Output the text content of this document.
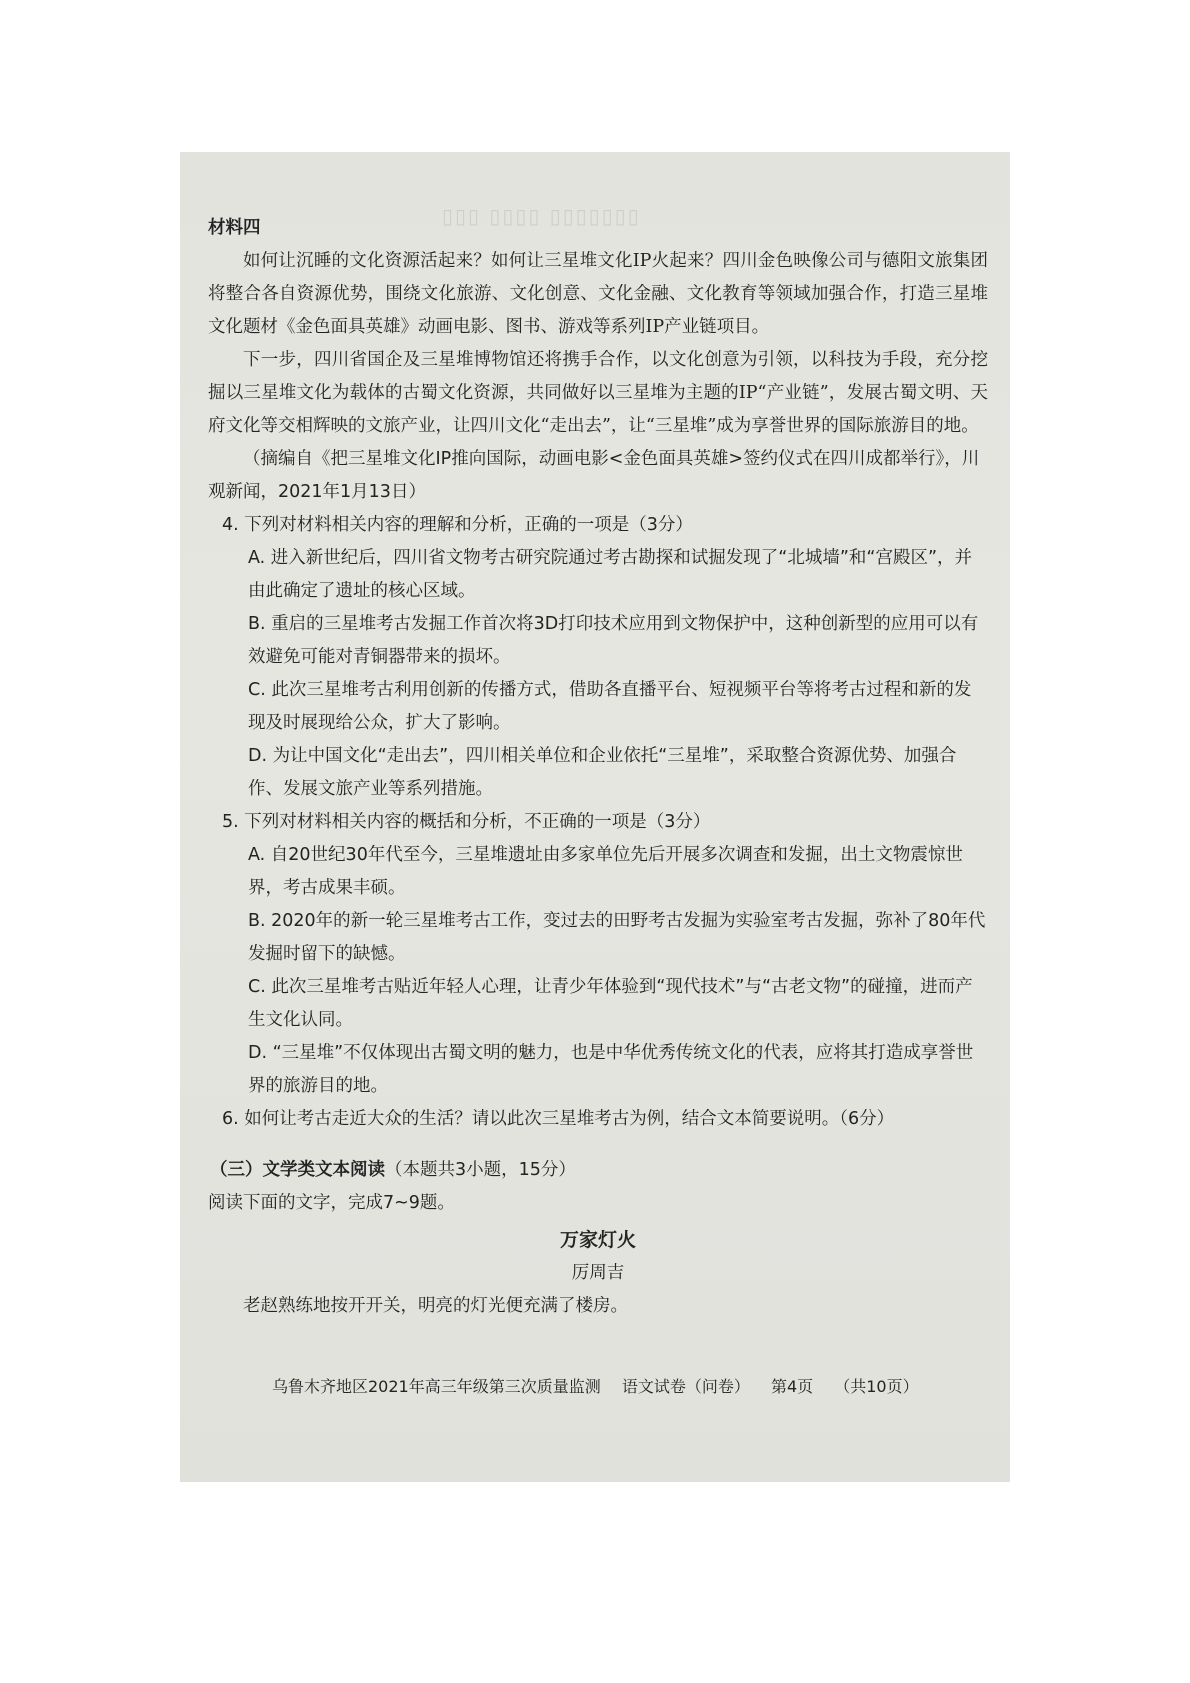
▯▯▯▯▯▯▯ ▯▯▯▯ ▯▯▯

材料四

如何让沉睡的文化资源活起来？如何让三星堆文化IP火起来？四川金色映像公司与德阳文旅集团将整合各自资源优势，围绕文化旅游、文化创意、文化金融、文化教育等领域加强合作，打造三星堆文化题材《金色面具英雄》动画电影、图书、游戏等系列IP产业链项目。

下一步，四川省国企及三星堆博物馆还将携手合作，以文化创意为引领，以科技为手段，充分挖掘以三星堆文化为载体的古蜀文化资源，共同做好以三星堆为主题的IP“产业链”，发展古蜀文明、天府文化等交相辉映的文旅产业，让四川文化“走出去”，让“三星堆”成为享誉世界的国际旅游目的地。

（摘编自《把三星堆文化IP推向国际，动画电影<金色面具英雄>签约仪式在四川成都举行》，川观新闻，2021年1月13日）

4. 下列对材料相关内容的理解和分析，正确的一项是（3分）

A. 进入新世纪后，四川省文物考古研究院通过考古勘探和试掘发现了“北城墙”和“宫殿区”，并由此确定了遗址的核心区域。

B. 重启的三星堆考古发掘工作首次将3D打印技术应用到文物保护中，这种创新型的应用可以有效避免可能对青铜器带来的损坏。

C. 此次三星堆考古利用创新的传播方式，借助各直播平台、短视频平台等将考古过程和新的发现及时展现给公众，扩大了影响。

D. 为让中国文化“走出去”，四川相关单位和企业依托“三星堆”，采取整合资源优势、加强合作、发展文旅产业等系列措施。

5. 下列对材料相关内容的概括和分析，不正确的一项是（3分）

A. 自20世纪30年代至今，三星堆遗址由多家单位先后开展多次调查和发掘，出土文物震惊世界，考古成果丰硕。

B. 2020年的新一轮三星堆考古工作，变过去的田野考古发掘为实验室考古发掘，弥补了80年代发掘时留下的缺憾。

C. 此次三星堆考古贴近年轻人心理，让青少年体验到“现代技术”与“古老文物”的碰撞，进而产生文化认同。

D. “三星堆”不仅体现出古蜀文明的魅力，也是中华优秀传统文化的代表，应将其打造成享誉世界的旅游目的地。

6. 如何让考古走近大众的生活？请以此次三星堆考古为例，结合文本简要说明。（6分）

（三）文学类文本阅读（本题共3小题，15分）

阅读下面的文字，完成7~9题。

万家灯火

厉周吉

老赵熟练地按开开关，明亮的灯光便充满了楼房。

乌鲁木齐地区2021年高三年级第三次质量监测 语文试卷（问卷） 第4页 （共10页）
